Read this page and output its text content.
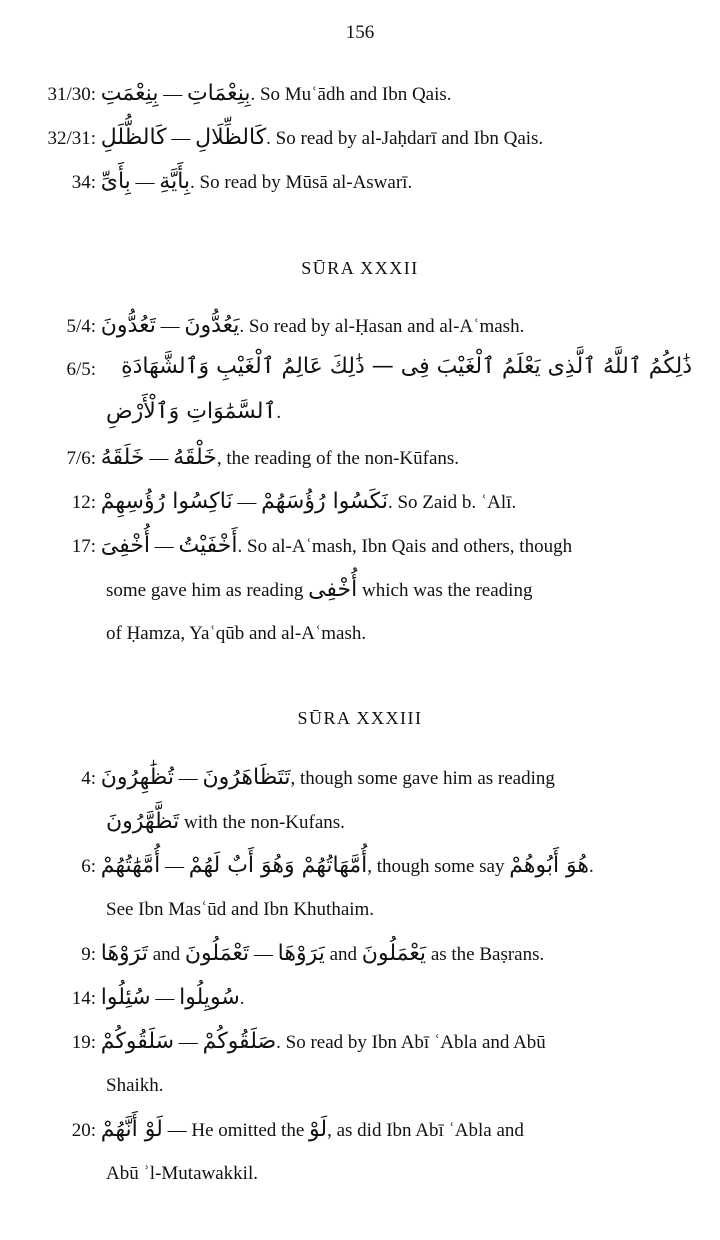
156
31/30: بِنِعْمَتِ — بِنِعْمَاتِ. So Muʿādh and Ibn Qais.
32/31: كَالظُّلَلِ — كَالظِّلَالِ. So read by al-Jaḥdarī and Ibn Qais.
34: بِأَىِّ — بِأَيَّةِ. So read by Mūsā al-Aswarī.
SŪRA XXXII
5/4: تَعُدُّونَ — يَعُدُّونَ. So read by al-Ḥasan and al-Aʿmash.
6/5: ذَٰلِكُمُ ٱللَّهُ ٱلَّذِى يَعْلَمُ ٱلْغَيْبَ فِى — ذَٰلِكَ عَالِمُ ٱلْغَيْبِ وَٱلشَّهَادَةِ
ٱلسَّمَٰوَاتِ وَٱلْأَرْضِ.
7/6: خَلَقَهُ — خَلْقَهُ, the reading of the non-Kūfans.
12: نَاكِسُوا رُؤُسِهِمْ — نَكَسُوا رُؤُسَهُمْ. So Zaid b. ʿAlī.
17: أُخْفِىَ — أَخْفَيْتُ. So al-Aʿmash, Ibn Qais and others, though
some gave him as reading أُخْفِى which was the reading
of Ḥamza, Yaʿqūb and al-Aʿmash.
SŪRA XXXIII
4: تُظَٰهِرُونَ — تَتَظَاهَرُونَ, though some gave him as reading
تَظَّهَّرُونَ with the non-Kufans.
6: أُمَّهَٰتُهُمْ — أُمَّهَاتُهُمْ وَهُوَ أَبٌ لَهُمْ, though some say هُوَ أَبُوهُمْ.
See Ibn Masʿūd and Ibn Khuthaim.
9: تَرَوْهَا and تَعْمَلُونَ — يَرَوْهَا and يَعْمَلُونَ as the Baṣrans.
14: سُئِلُوا — سُويِلُوا.
19: سَلَقُوكُمْ — صَلَقُوكُمْ. So read by Ibn Abī ʿAbla and Abū
Shaikh.
20: لَوْ أَنَّهُمْ — He omitted the لَوْ, as did Ibn Abī ʿAbla and
Abū ʾl-Mutawakkil.
